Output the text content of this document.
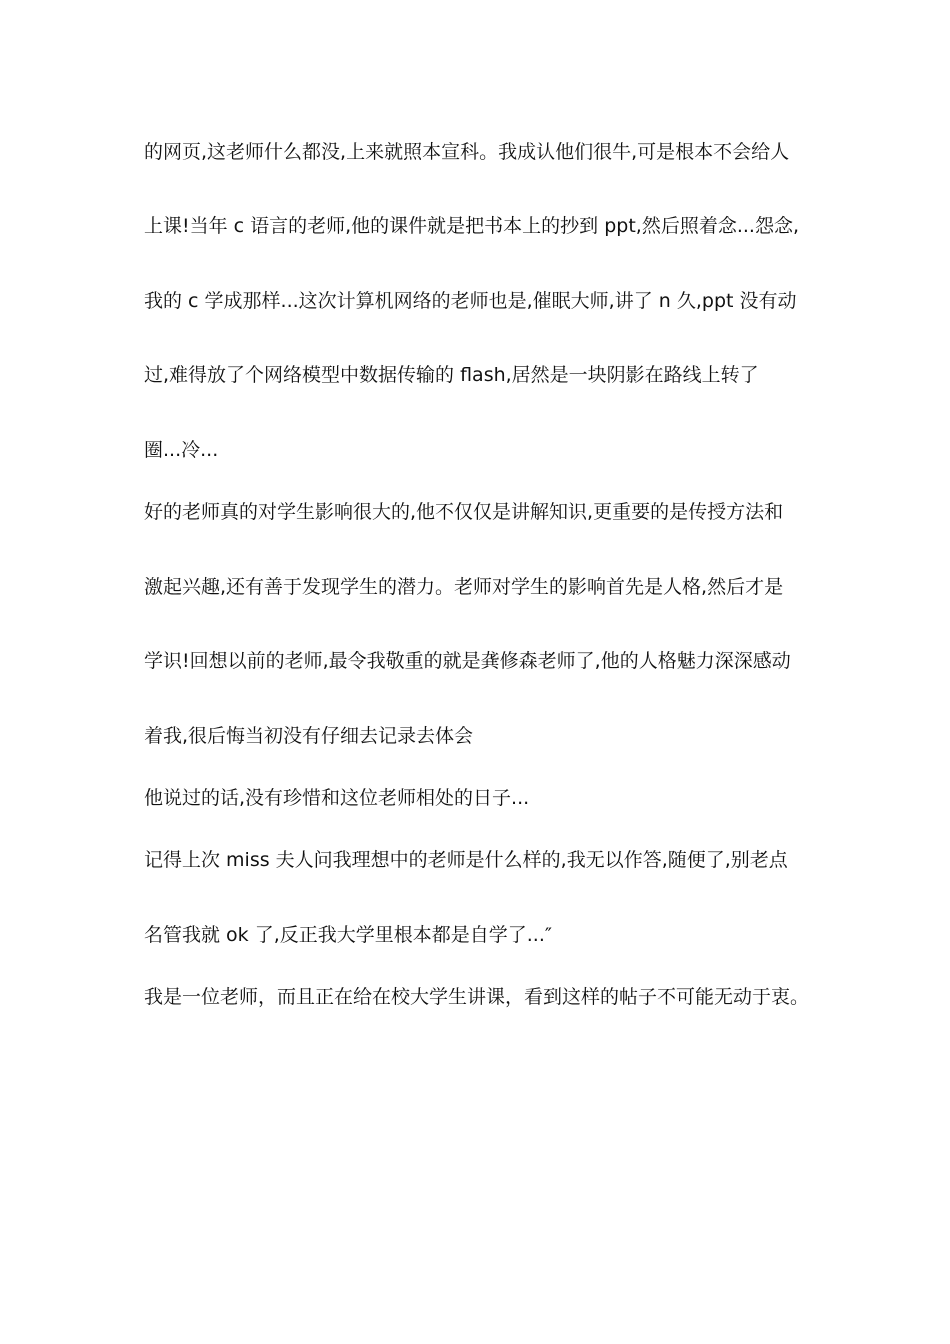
的网页,这老师什么都没,上来就照本宣科。我成认他们很牛,可是根本不会给人
上课!当年 c 语言的老师,他的课件就是把书本上的抄到 ppt,然后照着念...怨念,
我的 c 学成那样...这次计算机网络的老师也是,催眠大师,讲了 n 久,ppt 没有动
过,难得放了个网络模型中数据传输的 flash,居然是一块阴影在路线上转了
圈...冷...
好的老师真的对学生影响很大的,他不仅仅是讲解知识,更重要的是传授方法和
激起兴趣,还有善于发现学生的潜力。老师对学生的影响首先是人格,然后才是
学识!回想以前的老师,最令我敬重的就是龚修森老师了,他的人格魅力深深感动
着我,很后悔当初没有仔细去记录去体会
他说过的话,没有珍惜和这位老师相处的日子...
记得上次 miss 夫人问我理想中的老师是什么样的,我无以作答,随便了,别老点
名管我就 ok 了,反正我大学里根本都是自学了...″
我是一位老师，而且正在给在校大学生讲课，看到这样的帖子不可能无动于衷。
